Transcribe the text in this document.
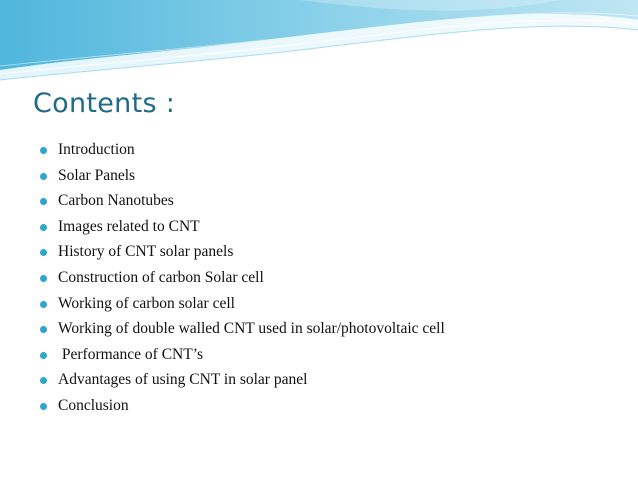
Contents :
Introduction
Solar Panels
Carbon Nanotubes
Images related to CNT
History of CNT solar panels
Construction of carbon Solar cell
Working of carbon solar cell
Working of double walled CNT used in solar/photovoltaic cell
Performance of CNT’s
Advantages of using CNT in solar panel
Conclusion
